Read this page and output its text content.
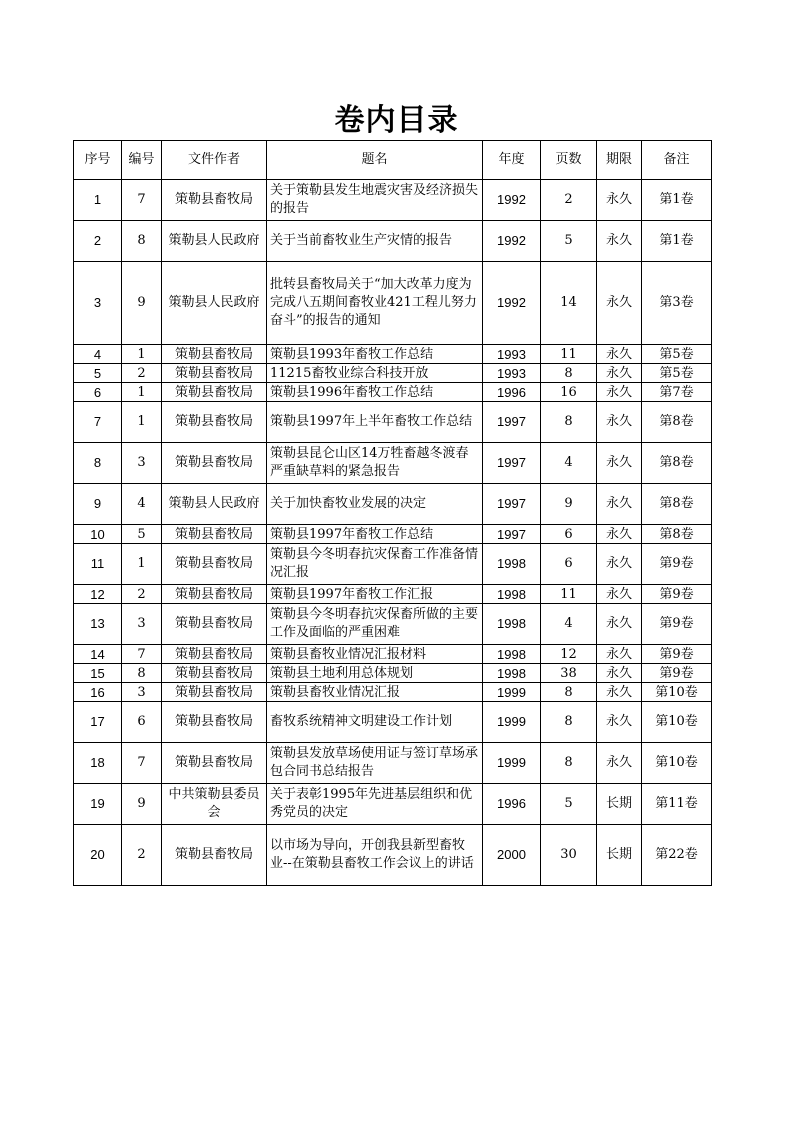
卷内目录
序号	编号	文件作者	题名	年度	页数	期限	备注
1	7	策勒县畜牧局	关于策勒县发生地震灾害及经济损失的报告	1992	2	永久	第1卷
2	8	策勒县人民政府	关于当前畜牧业生产灾情的报告	1992	5	永久	第1卷
3	9	策勒县人民政府	批转县畜牧局关于“加大改革力度为完成八五期间畜牧业421工程儿努力奋斗”的报告的通知	1992	14	永久	第3卷
4	1	策勒县畜牧局	策勒县1993年畜牧工作总结	1993	11	永久	第5卷
5	2	策勒县畜牧局	11215畜牧业综合科技开放	1993	8	永久	第5卷
6	1	策勒县畜牧局	策勒县1996年畜牧工作总结	1996	16	永久	第7卷
7	1	策勒县畜牧局	策勒县1997年上半年畜牧工作总结	1997	8	永久	第8卷
8	3	策勒县畜牧局	策勒县昆仑山区14万牲畜越冬渡春严重缺草料的紧急报告	1997	4	永久	第8卷
9	4	策勒县人民政府	关于加快畜牧业发展的决定	1997	9	永久	第8卷
10	5	策勒县畜牧局	策勒县1997年畜牧工作总结	1997	6	永久	第8卷
11	1	策勒县畜牧局	策勒县今冬明春抗灾保畜工作准备情况汇报	1998	6	永久	第9卷
12	2	策勒县畜牧局	策勒县1997年畜牧工作汇报	1998	11	永久	第9卷
13	3	策勒县畜牧局	策勒县今冬明春抗灾保畜所做的主要工作及面临的严重困难	1998	4	永久	第9卷
14	7	策勒县畜牧局	策勒县畜牧业情况汇报材料	1998	12	永久	第9卷
15	8	策勒县畜牧局	策勒县土地利用总体规划	1998	38	永久	第9卷
16	3	策勒县畜牧局	策勒县畜牧业情况汇报	1999	8	永久	第10卷
17	6	策勒县畜牧局	畜牧系统精神文明建设工作计划	1999	8	永久	第10卷
18	7	策勒县畜牧局	策勒县发放草场使用证与签订草场承包合同书总结报告	1999	8	永久	第10卷
19	9	中共策勒县委员会	关于表彰1995年先进基层组织和优秀党员的决定	1996	5	长期	第11卷
20	2	策勒县畜牧局	以市场为导向，开创我县新型畜牧业--在策勒县畜牧工作会议上的讲话	2000	30	长期	第22卷
